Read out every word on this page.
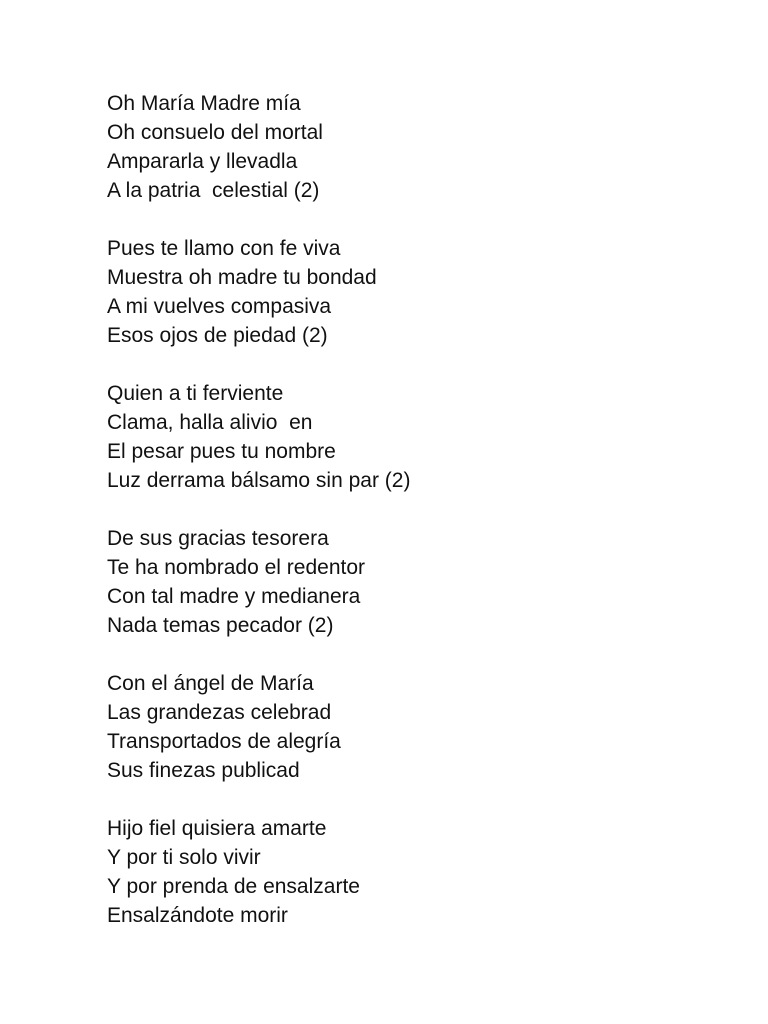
Oh María Madre mía
Oh consuelo del mortal
Ampararla y llevadla
A la patria  celestial (2)
Pues te llamo con fe viva
Muestra oh madre tu bondad
A mi vuelves compasiva
Esos ojos de piedad (2)
Quien a ti ferviente
Clama, halla alivio  en
El pesar pues tu nombre
Luz derrama bálsamo sin par (2)
De sus gracias tesorera
Te ha nombrado el redentor
Con tal madre y medianera
Nada temas pecador (2)
Con el ángel de María
Las grandezas celebrad
Transportados de alegría
Sus finezas publicad
Hijo fiel quisiera amarte
Y por ti solo vivir
Y por prenda de ensalzarte
Ensalzándote morir
